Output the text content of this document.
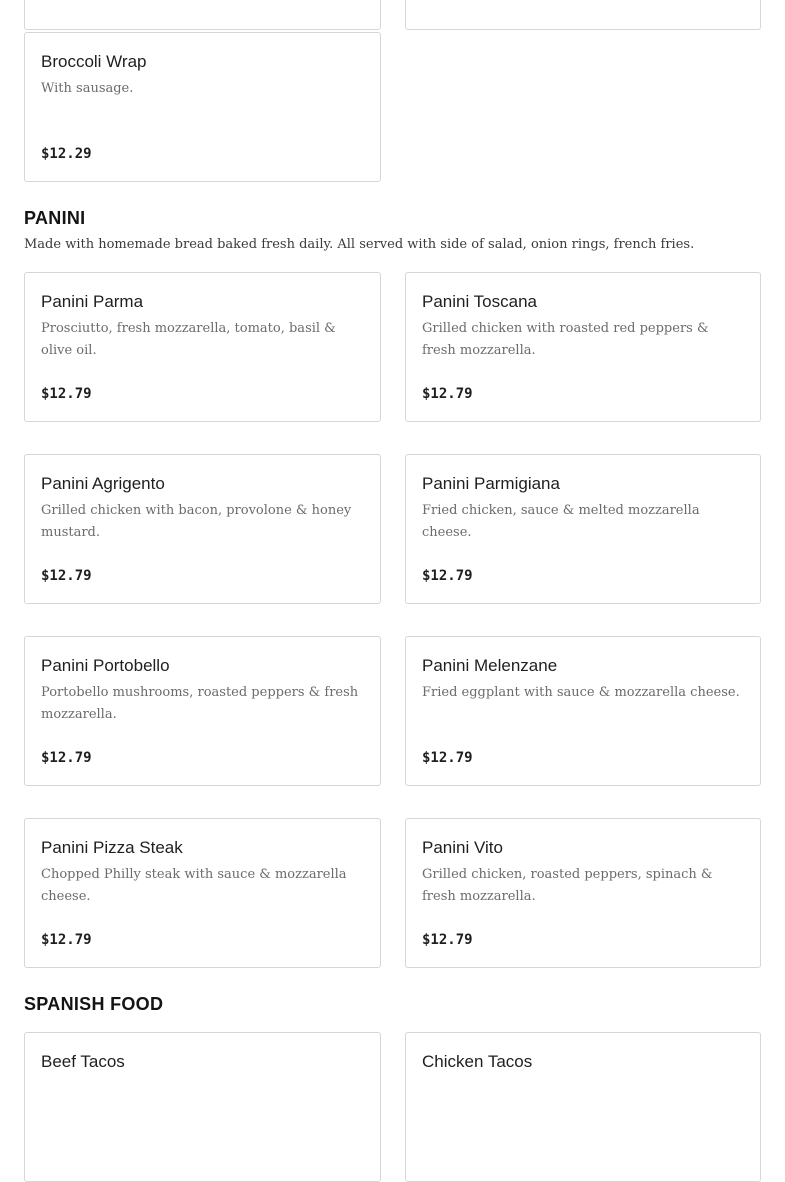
Broccoli Wrap
With sausage.
$12.29
PANINI

Made with homemade bread baked fresh daily. All served with side of salad, onion rings, french fries.

Panini Parma
Prosciutto, fresh mozzarella, tomato, basil & olive oil.
$12.79
Panini Toscana
Grilled chicken with roasted red peppers & fresh mozzarella.
$12.79
Panini Agrigento
Grilled chicken with bacon, provolone & honey mustard.
$12.79
Panini Parmigiana
Fried chicken, sauce & melted mozzarella cheese.
$12.79
Panini Portobello
Portobello mushrooms, roasted peppers & fresh mozzarella.
$12.79
Panini Melenzane
Fried eggplant with sauce & mozzarella cheese.
$12.79
Panini Pizza Steak
Chopped Philly steak with sauce & mozzarella cheese.
$12.79
Panini Vito
Grilled chicken, roasted peppers, spinach & fresh mozzarella.
$12.79
SPANISH FOOD
Beef Tacos	Chicken Tacos
